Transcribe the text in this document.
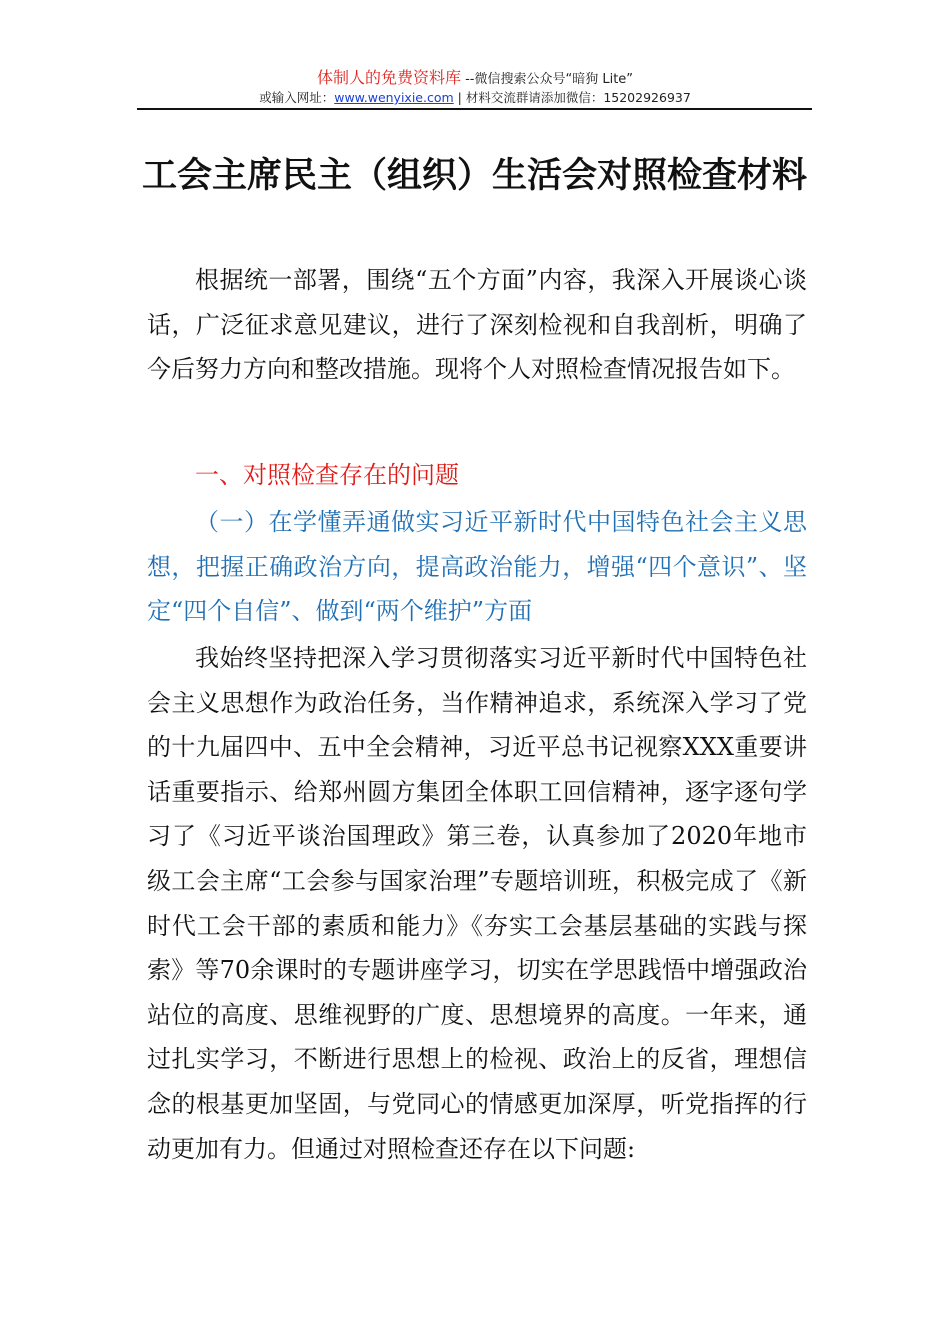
体制人的免费资料库 --微信搜索公众号“暗狗 Lite”
或输入网址：www.wenyixie.com | 材料交流群请添加微信：15202926937
工会主席民主（组织）生活会对照检查材料
根据统一部署，围绕“五个方面”内容，我深入开展谈心谈话，广泛征求意见建议，进行了深刻检视和自我剖析，明确了今后努力方向和整改措施。现将个人对照检查情况报告如下。
一、对照检查存在的问题
（一）在学懂弄通做实习近平新时代中国特色社会主义思想，把握正确政治方向，提高政治能力，增强“四个意识”、坚定“四个自信”、做到“两个维护”方面
我始终坚持把深入学习贯彻落实习近平新时代中国特色社会主义思想作为政治任务，当作精神追求，系统深入学习了党的十九届四中、五中全会精神，习近平总书记视察XXX重要讲话重要指示、给郑州圆方集团全体职工回信精神，逐字逐句学习了《习近平谈治国理政》第三卷，认真参加了2020年地市级工会主席“工会参与国家治理”专题培训班，积极完成了《新时代工会干部的素质和能力》《夯实工会基层基础的实践与探索》等70余课时的专题讲座学习，切实在学思践悟中增强政治站位的高度、思维视野的广度、思想境界的高度。一年来，通过扎实学习，不断进行思想上的检视、政治上的反省，理想信念的根基更加坚固，与党同心的情感更加深厚，听党指挥的行动更加有力。但通过对照检查还存在以下问题:
